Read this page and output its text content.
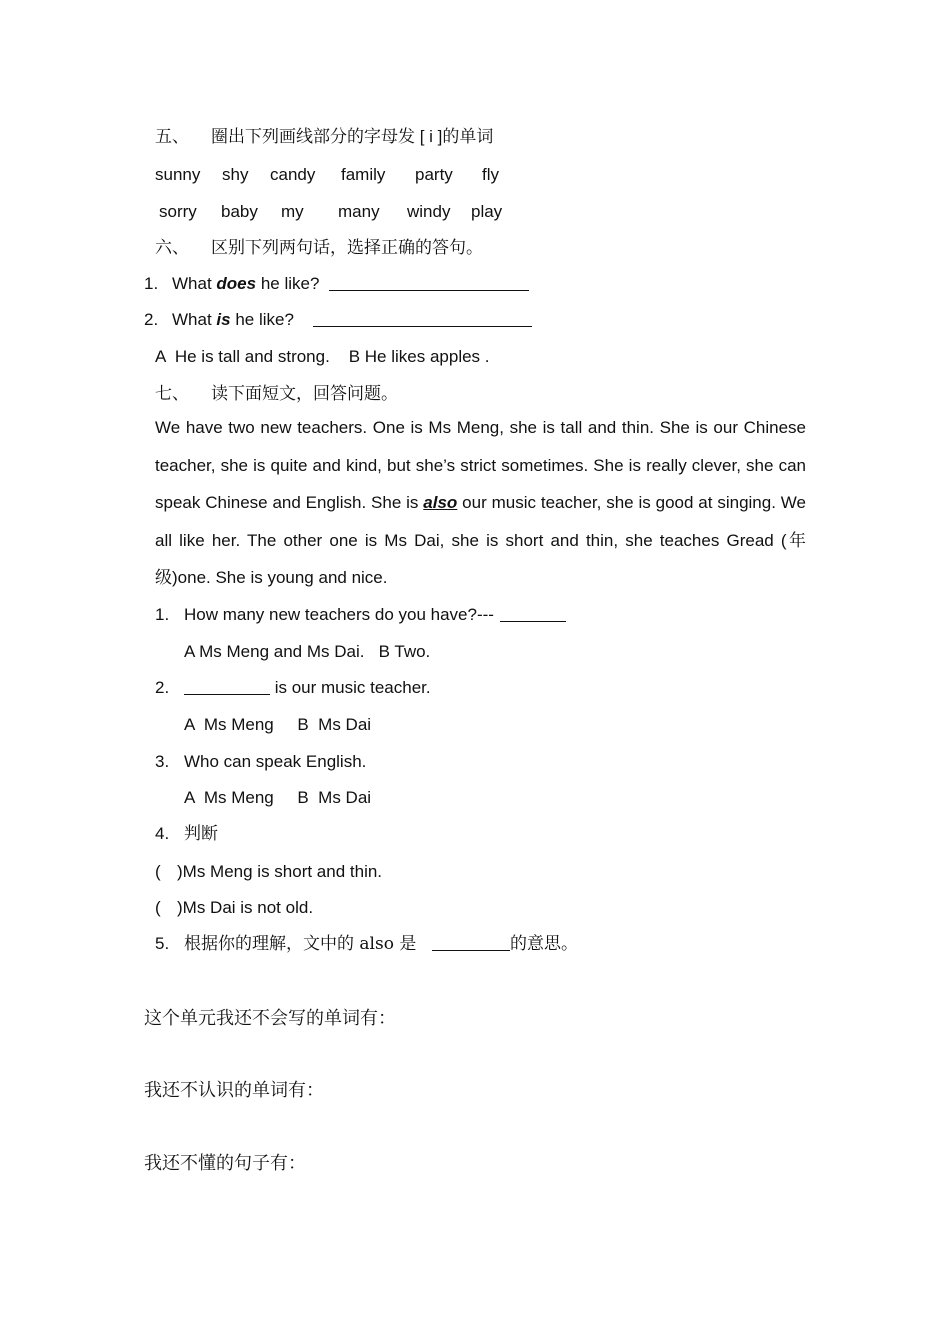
五、 圈出下列画线部分的字母发 [ i ]的单词
sunny shy candy family party fly
sorry baby my many windy play
六、 区别下列两句话，选择正确的答句。
1. What does he like?
2. What is he like?
A  He is tall and strong.    B He likes apples .
七、 读下面短文，回答问题。
We have two new teachers. One is Ms Meng, she is tall and thin. She is our Chinese teacher, she is quite and kind, but she’s strict sometimes. She is really clever, she can speak Chinese and English. She is also our music teacher, she is good at singing. We all like her. The other one is Ms Dai, she is short and thin, she teaches Gread (年级)one. She is young and nice.
1. How many new teachers do you have?---
A Ms Meng and Ms Dai.   B Two.
2.	is our music teacher.
A  Ms Meng     B  Ms Dai
3. Who can speak English.
A  Ms Meng     B  Ms Dai
4. 判断
( )Ms Meng is short and thin.
( )Ms Dai is not old.
5. 根据你的理解，文中的 also 是	的意思。
这个单元我还不会写的单词有：
我还不认识的单词有：
我还不懂的句子有：
